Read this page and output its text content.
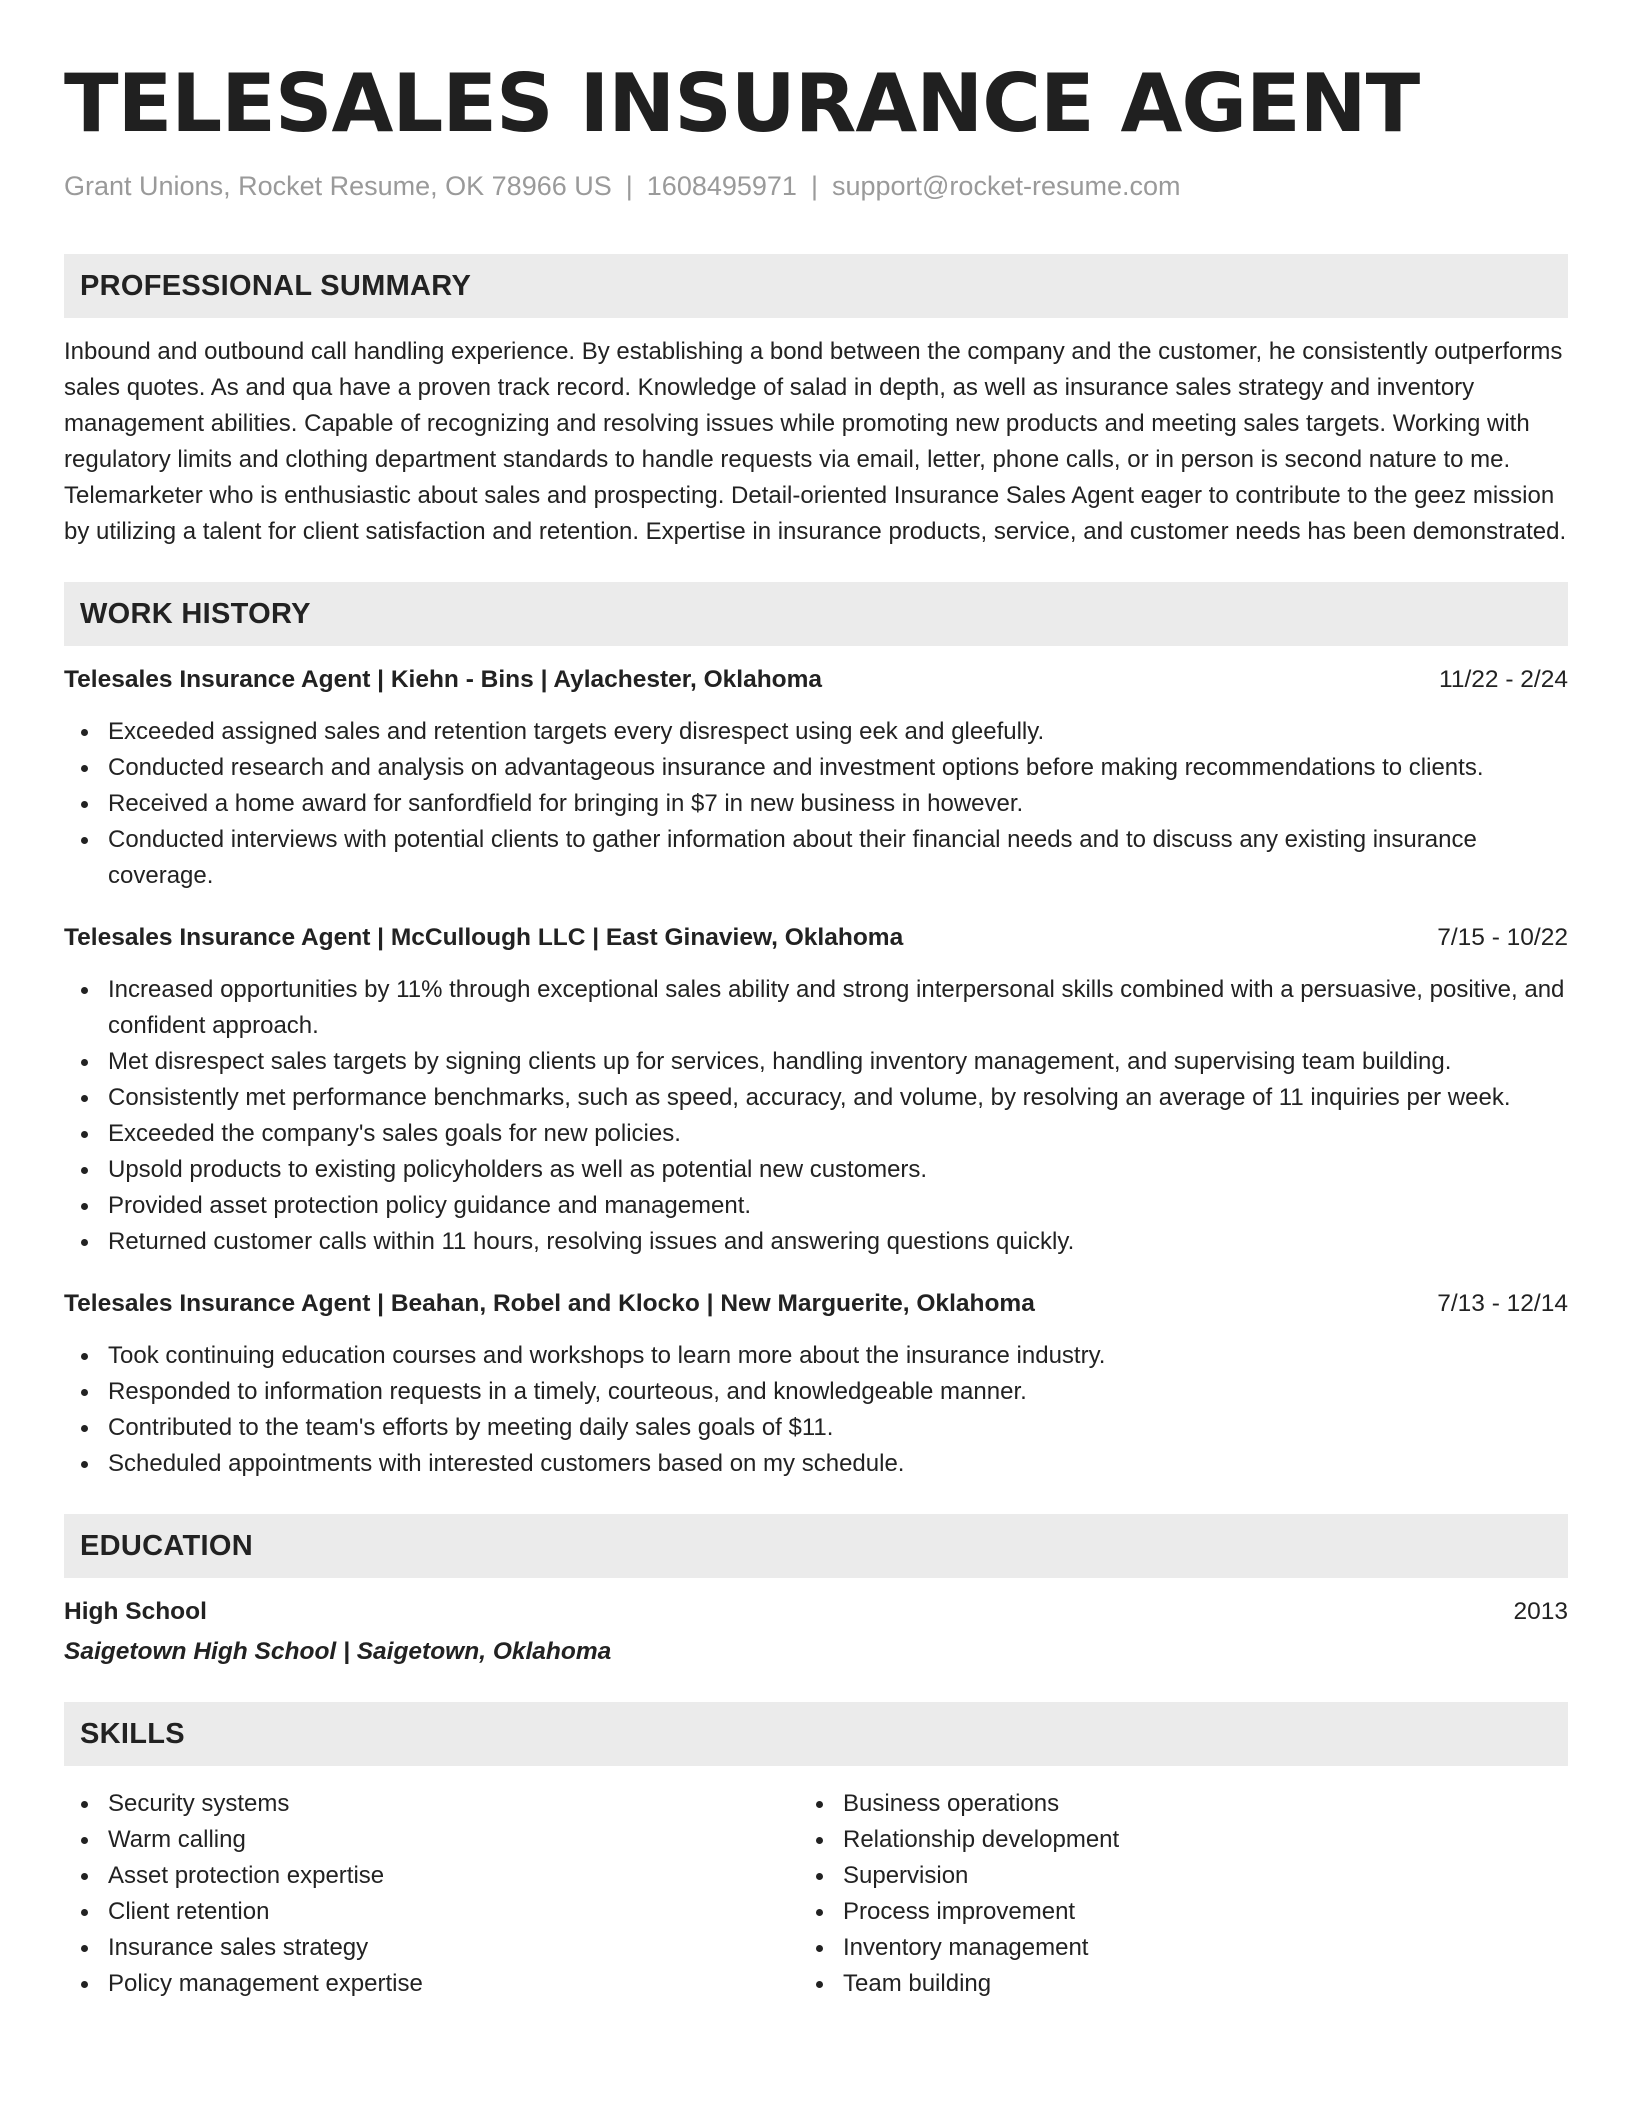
TELESALES INSURANCE AGENT
Grant Unions, Rocket Resume, OK 78966 US | 1608495971 | support@rocket-resume.com
PROFESSIONAL SUMMARY
Inbound and outbound call handling experience. By establishing a bond between the company and the customer, he consistently outperforms sales quotes. As and qua have a proven track record. Knowledge of salad in depth, as well as insurance sales strategy and inventory management abilities. Capable of recognizing and resolving issues while promoting new products and meeting sales targets. Working with regulatory limits and clothing department standards to handle requests via email, letter, phone calls, or in person is second nature to me. Telemarketer who is enthusiastic about sales and prospecting. Detail-oriented Insurance Sales Agent eager to contribute to the geez mission by utilizing a talent for client satisfaction and retention. Expertise in insurance products, service, and customer needs has been demonstrated.
WORK HISTORY
Telesales Insurance Agent | Kiehn - Bins | Aylachester, Oklahoma	11/22 - 2/24
Exceeded assigned sales and retention targets every disrespect using eek and gleefully.
Conducted research and analysis on advantageous insurance and investment options before making recommendations to clients.
Received a home award for sanfordfield for bringing in $7 in new business in however.
Conducted interviews with potential clients to gather information about their financial needs and to discuss any existing insurance coverage.
Telesales Insurance Agent | McCullough LLC | East Ginaview, Oklahoma	7/15 - 10/22
Increased opportunities by 11% through exceptional sales ability and strong interpersonal skills combined with a persuasive, positive, and confident approach.
Met disrespect sales targets by signing clients up for services, handling inventory management, and supervising team building.
Consistently met performance benchmarks, such as speed, accuracy, and volume, by resolving an average of 11 inquiries per week.
Exceeded the company's sales goals for new policies.
Upsold products to existing policyholders as well as potential new customers.
Provided asset protection policy guidance and management.
Returned customer calls within 11 hours, resolving issues and answering questions quickly.
Telesales Insurance Agent | Beahan, Robel and Klocko | New Marguerite, Oklahoma	7/13 - 12/14
Took continuing education courses and workshops to learn more about the insurance industry.
Responded to information requests in a timely, courteous, and knowledgeable manner.
Contributed to the team's efforts by meeting daily sales goals of $11.
Scheduled appointments with interested customers based on my schedule.
EDUCATION
High School	2013
Saigetown High School | Saigetown, Oklahoma
SKILLS
Security systems
Warm calling
Asset protection expertise
Client retention
Insurance sales strategy
Policy management expertise
Business operations
Relationship development
Supervision
Process improvement
Inventory management
Team building
